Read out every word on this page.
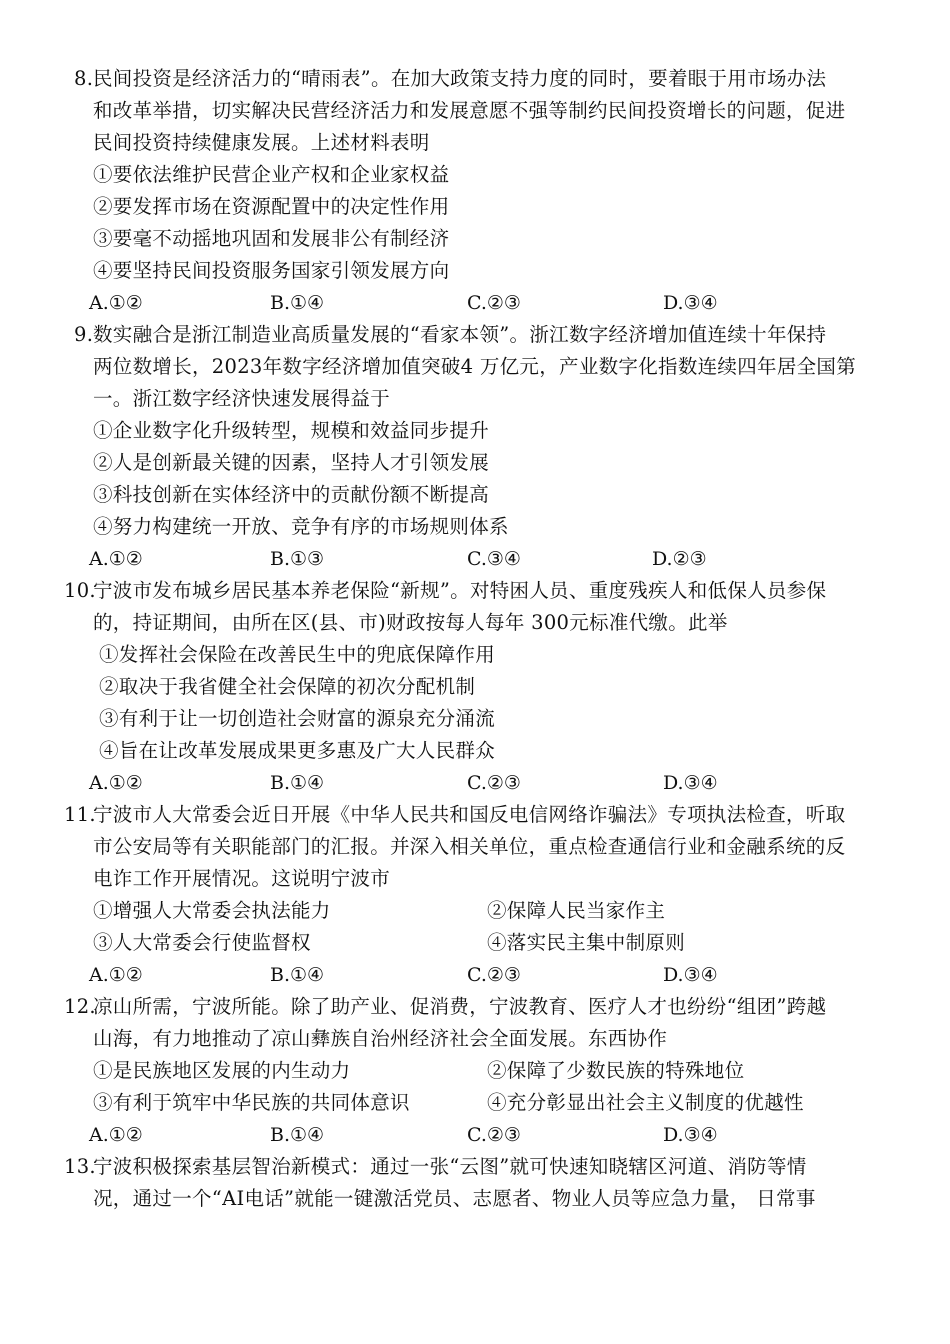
8. 民间投资是经济活力的“晴雨表”。在加大政策支持力度的同时，要着眼于用市场办法
和改革举措，切实解决民营经济活力和发展意愿不强等制约民间投资增长的问题，促进
民间投资持续健康发展。上述材料表明
①要依法维护民营企业产权和企业家权益
②要发挥市场在资源配置中的决定性作用
③要毫不动摇地巩固和发展非公有制经济
④要坚持民间投资服务国家引领发展方向
A.①②	B.①④	C.②③	D.③④
9. 数实融合是浙江制造业高质量发展的“看家本领”。浙江数字经济增加值连续十年保持
两位数增长，2023年数字经济增加值突破4 万亿元，产业数字化指数连续四年居全国第
一。浙江数字经济快速发展得益于
①企业数字化升级转型，规模和效益同步提升
②人是创新最关键的因素，坚持人才引领发展
③科技创新在实体经济中的贡献份额不断提高
④努力构建统一开放、竞争有序的市场规则体系
A.①②	B.①③	C.③④	D.②③
10.
宁波市发布城乡居民基本养老保险“新规”。对特困人员、重度残疾人和低保人员参保
的，持证期间，由所在区(县、市)财政按每人每年 300元标准代缴。此举
①发挥社会保险在改善民生中的兜底保障作用
②取决于我省健全社会保障的初次分配机制
③有利于让一切创造社会财富的源泉充分涌流
④旨在让改革发展成果更多惠及广大人民群众
A.①②	B.①④	C.②③	D.③④
11.
宁波市人大常委会近日开展《中华人民共和国反电信网络诈骗法》专项执法检查，听取
市公安局等有关职能部门的汇报。并深入相关单位，重点检查通信行业和金融系统的反
电诈工作开展情况。这说明宁波市
①增强人大常委会执法能力	②保障人民当家作主
③人大常委会行使监督权	④落实民主集中制原则
A.①②	B.①④	C.②③	D.③④
12.
凉山所需，宁波所能。除了助产业、促消费，宁波教育、医疗人才也纷纷“组团”跨越
山海，有力地推动了凉山彝族自治州经济社会全面发展。东西协作
①是民族地区发展的内生动力	②保障了少数民族的特殊地位
③有利于筑牢中华民族的共同体意识	④充分彰显出社会主义制度的优越性
A.①②	B.①④	C.②③	D.③④
13.
宁波积极探索基层智治新模式：通过一张“云图”就可快速知晓辖区河道、消防等情
况，通过一个“AI电话”就能一键激活党员、志愿者、物业人员等应急力量， 日常事
